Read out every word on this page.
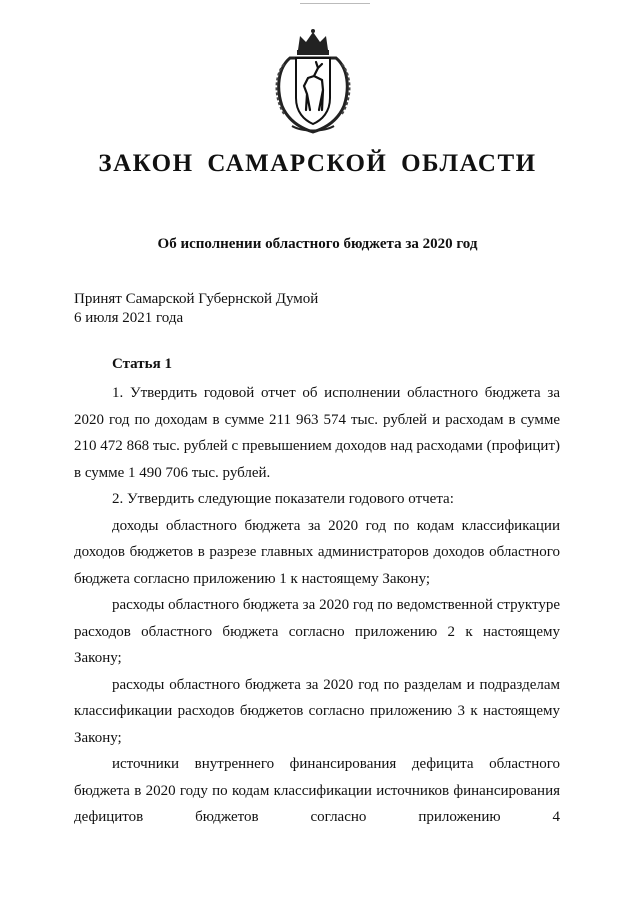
ЗАКОН САМАРСКОЙ ОБЛАСТИ
Об исполнении областного бюджета за 2020 год
Принят Самарской Губернской Думой
6 июля 2021 года
Статья 1

1. Утвердить годовой отчет об исполнении областного бюджета за 2020 год по доходам в сумме 211 963 574 тыс. рублей и расходам в сумме 210 472 868 тыс. рублей с превышением доходов над расходами (профицит) в сумме 1 490 706 тыс. рублей.

2. Утвердить следующие показатели годового отчета:

доходы областного бюджета за 2020 год по кодам классификации доходов бюджетов в разрезе главных администраторов доходов областного бюджета согласно приложению 1 к настоящему Закону;

расходы областного бюджета за 2020 год по ведомственной структуре расходов областного бюджета согласно приложению 2 к настоящему Закону;

расходы областного бюджета за 2020 год по разделам и подразделам классификации расходов бюджетов согласно приложению 3 к настоящему Закону;

источники внутреннего финансирования дефицита областного бюджета в 2020 году по кодам классификации источников финансирования дефицитов бюджетов согласно приложению 4
